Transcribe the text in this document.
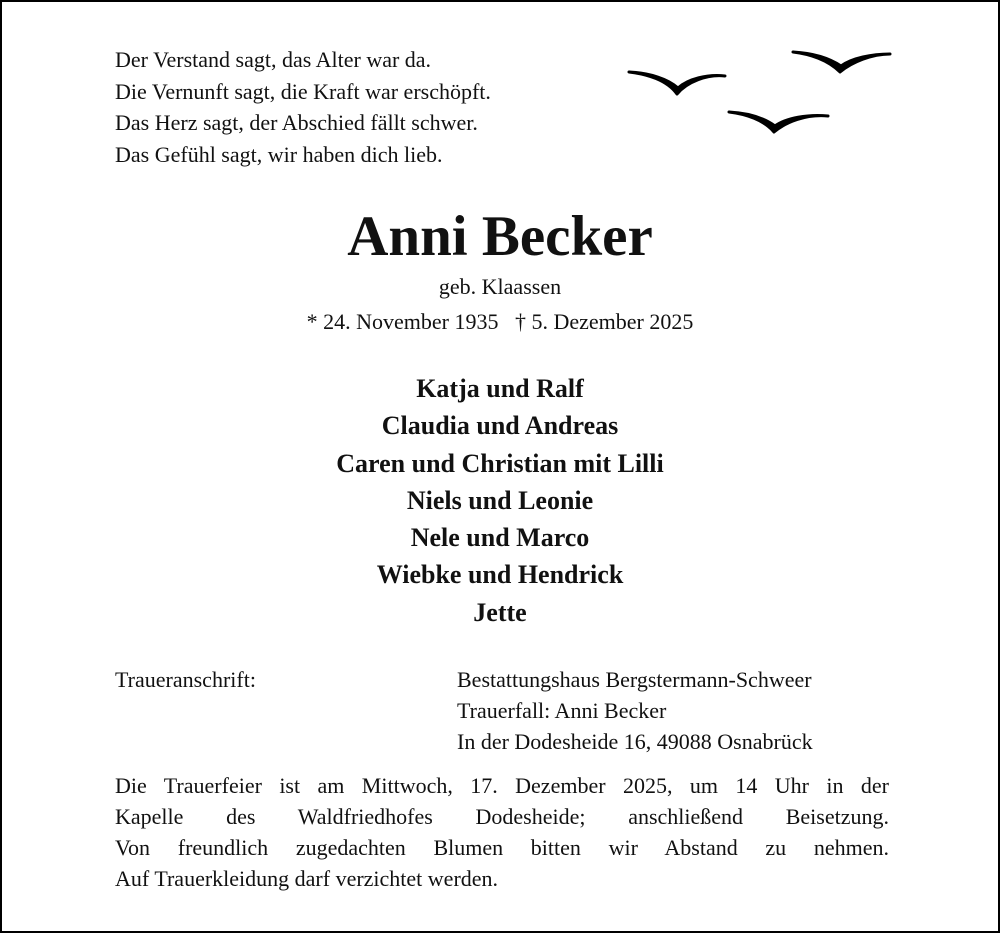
Der Verstand sagt, das Alter war da.
Die Vernunft sagt, die Kraft war erschöpft.
Das Herz sagt, der Abschied fällt schwer.
Das Gefühl sagt, wir haben dich lieb.
Anni Becker
geb. Klaassen
* 24. November 1935   † 5. Dezember 2025
Katja und Ralf
Claudia und Andreas
Caren und Christian mit Lilli
Niels und Leonie
Nele und Marco
Wiebke und Hendrick
Jette
Traueranschrift:	Bestattungshaus Bergstermann-Schweer
Trauerfall: Anni Becker
In der Dodesheide 16, 49088 Osnabrück
Die Trauerfeier ist am Mittwoch, 17. Dezember 2025, um 14 Uhr in der
Kapelle des Waldfriedhofes Dodesheide; anschließend Beisetzung.
Von freundlich zugedachten Blumen bitten wir Abstand zu nehmen.
Auf Trauerkleidung darf verzichtet werden.
